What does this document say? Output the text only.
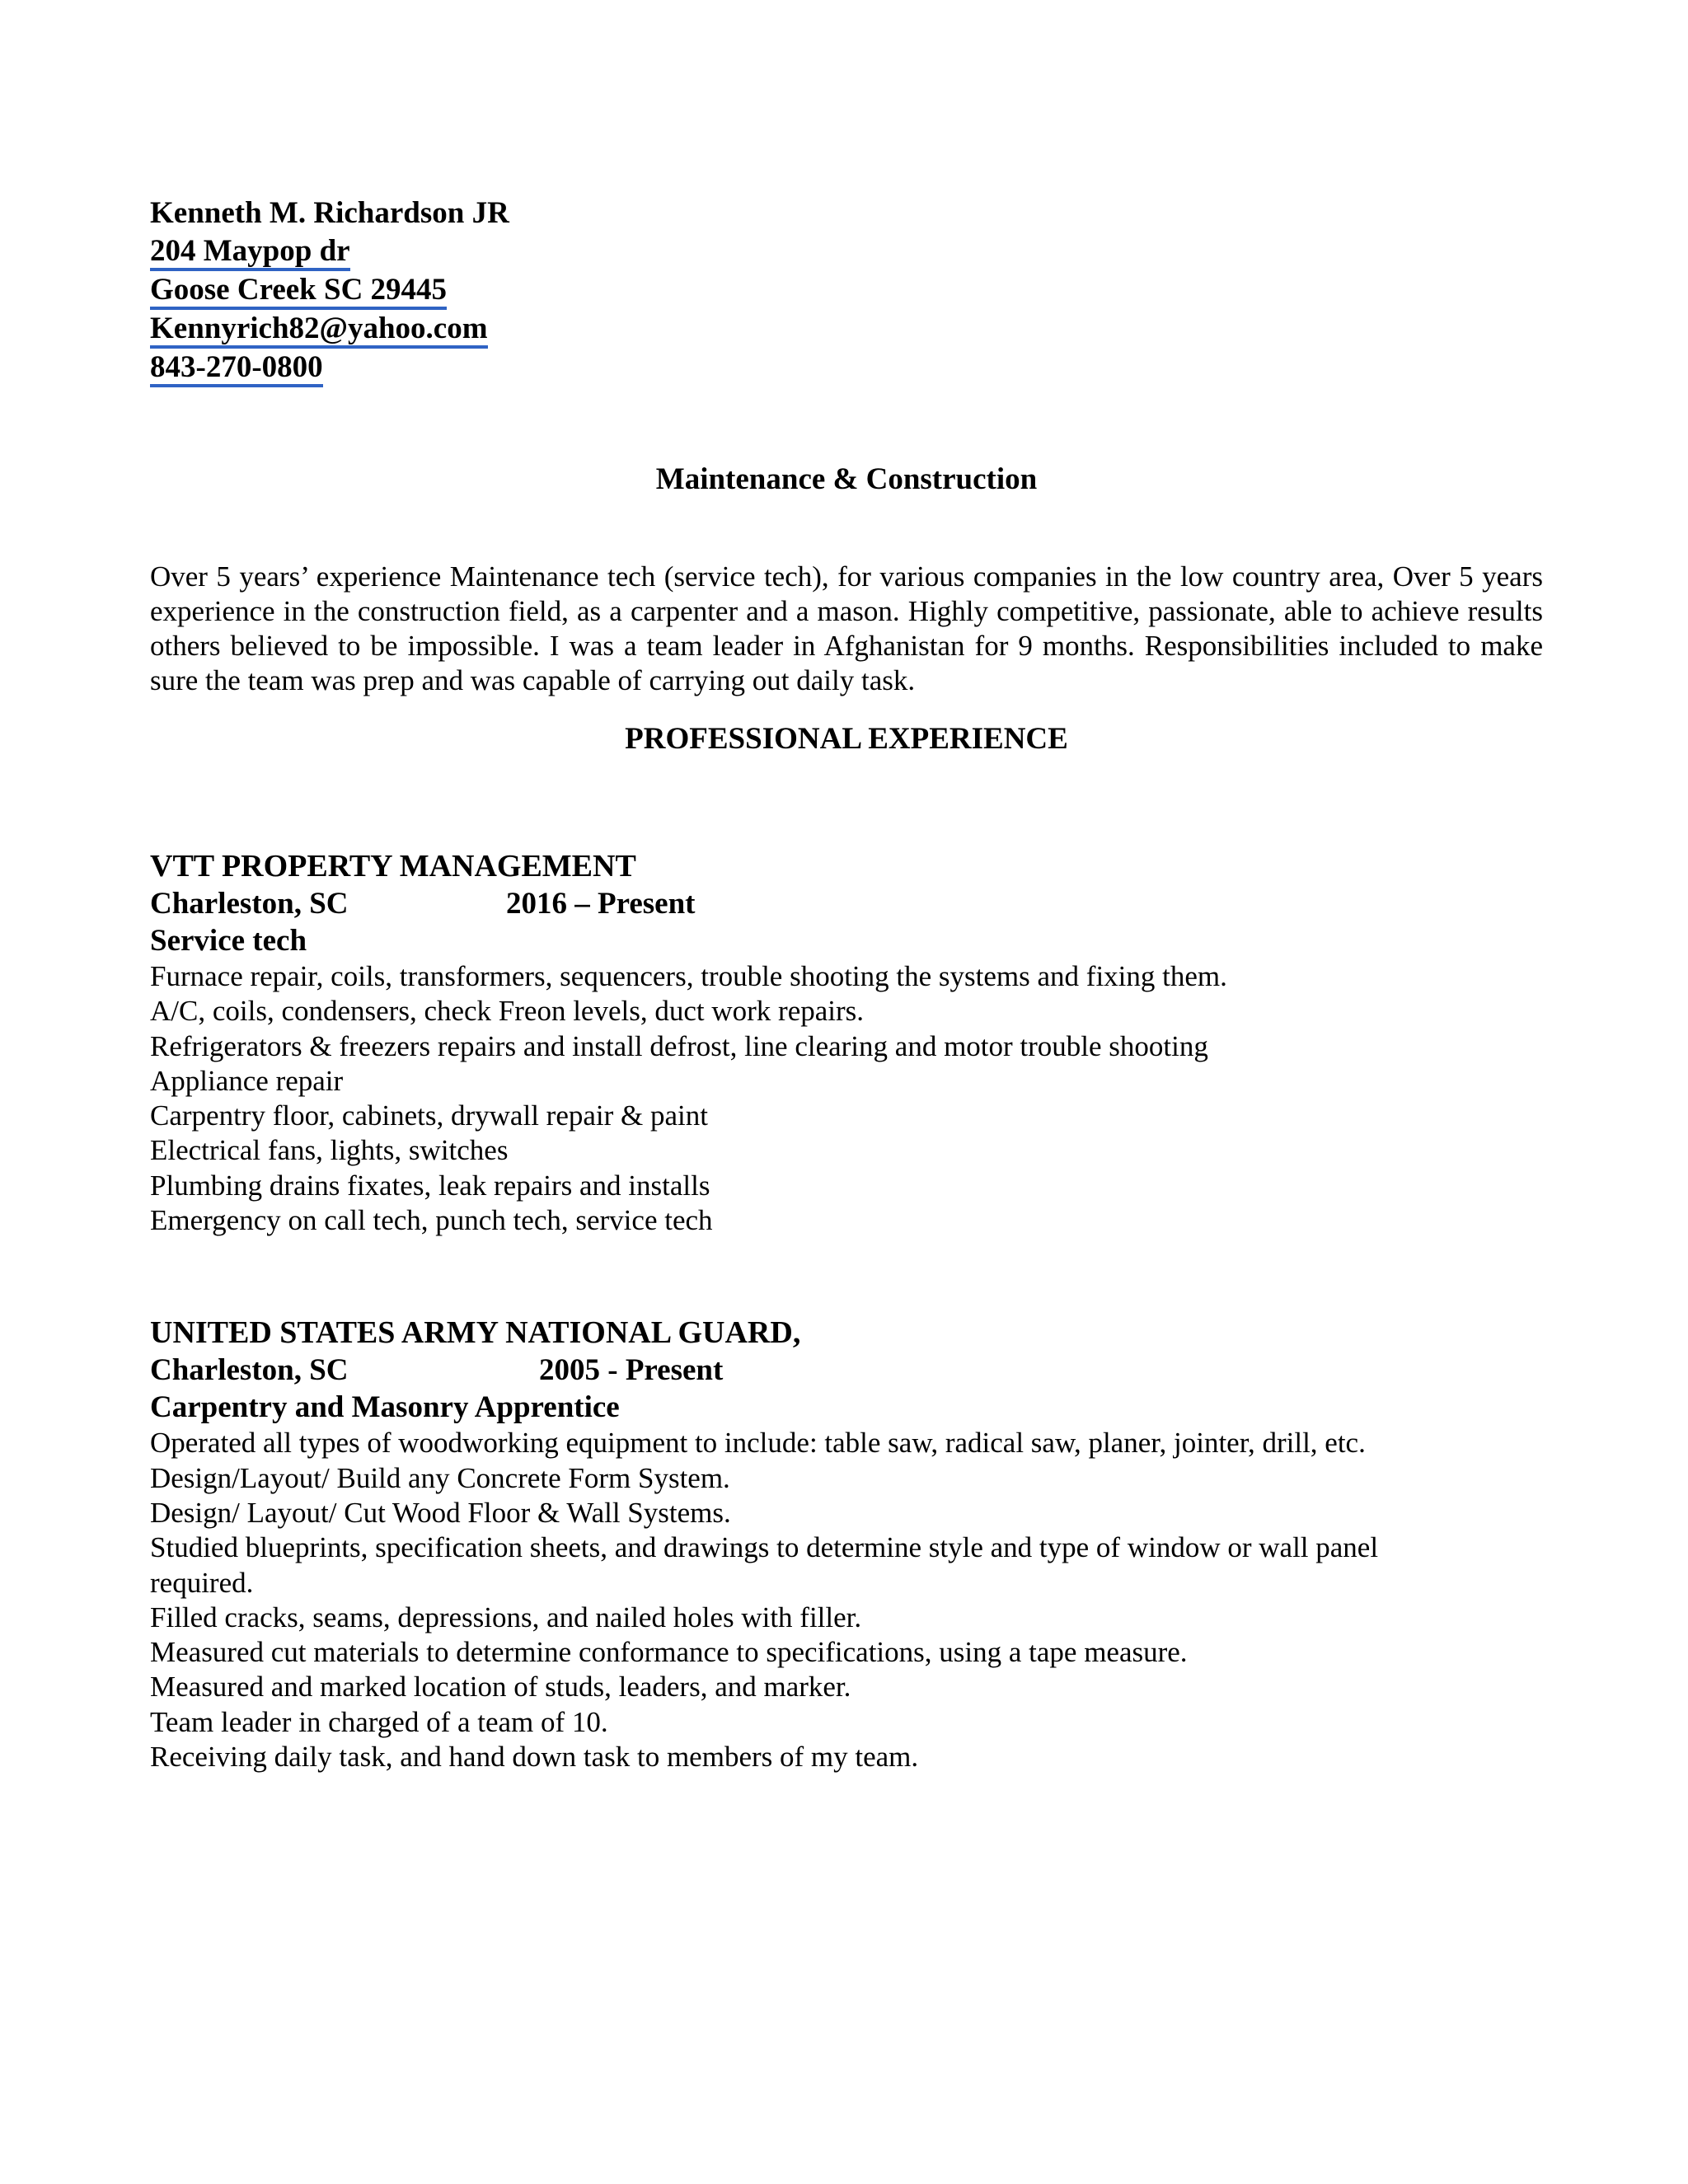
Kenneth M. Richardson JR
204 Maypop dr
Goose Creek SC 29445
Kennyrich82@yahoo.com
843-270-0800
Maintenance & Construction

Over 5 years’ experience Maintenance tech (service tech), for various companies in the low country area, Over 5 years experience in the construction field, as a carpenter and a mason. Highly competitive, passionate, able to achieve results others believed to be impossible. I was a team leader in Afghanistan for 9 months. Responsibilities included to make sure the team was prep and was capable of carrying out daily task.

PROFESSIONAL EXPERIENCE
VTT PROPERTY MANAGEMENT
Charleston, SC	2016 – Present
Service tech
Furnace repair, coils, transformers, sequencers, trouble shooting the systems and fixing them.
A/C, coils, condensers, check Freon levels, duct work repairs.
Refrigerators & freezers repairs and install defrost, line clearing and motor trouble shooting
Appliance repair
Carpentry floor, cabinets, drywall repair & paint
Electrical fans, lights, switches
Plumbing drains fixates, leak repairs and installs
Emergency on call tech, punch tech, service tech
UNITED STATES ARMY NATIONAL GUARD,
Charleston, SC	2005 - Present
Carpentry and Masonry Apprentice
Operated all types of woodworking equipment to include: table saw, radical saw, planer, jointer, drill, etc.
Design/Layout/ Build any Concrete Form System.
Design/ Layout/ Cut Wood Floor & Wall Systems.
Studied blueprints, specification sheets, and drawings to determine style and type of window or wall panel required.
Filled cracks, seams, depressions, and nailed holes with filler.
Measured cut materials to determine conformance to specifications, using a tape measure.
Measured and marked location of studs, leaders, and marker.
Team leader in charged of a team of 10.
Receiving daily task, and hand down task to members of my team.
